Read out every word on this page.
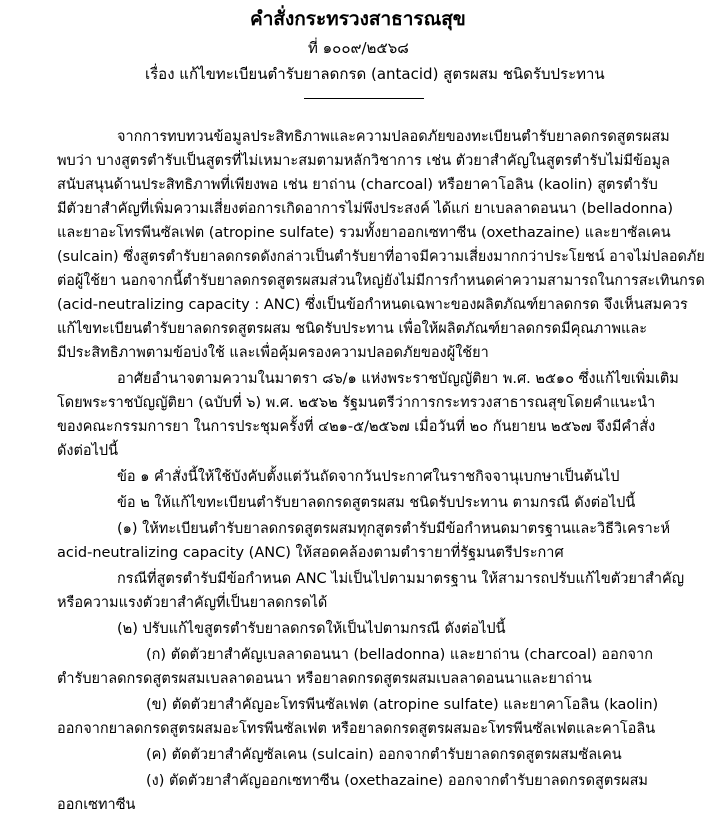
คำสั่งกระทรวงสาธารณสุข
ที่ ๑๐๐๙/๒๕๖๘
เรื่อง แก้ไขทะเบียนตำรับยาลดกรด (antacid) สูตรผสม ชนิดรับประทาน
จากการทบทวนข้อมูลประสิทธิภาพและความปลอดภัยของทะเบียนตำรับยาลดกรดสูตรผสม
พบว่า บางสูตรตำรับเป็นสูตรที่ไม่เหมาะสมตามหลักวิชาการ เช่น ตัวยาสำคัญในสูตรตำรับไม่มีข้อมูล
สนับสนุนด้านประสิทธิภาพที่เพียงพอ เช่น ยาถ่าน (charcoal) หรือยาคาโอลิน (kaolin) สูตรตำรับ
มีตัวยาสำคัญที่เพิ่มความเสี่ยงต่อการเกิดอาการไม่พึงประสงค์ ได้แก่ ยาเบลลาดอนนา (belladonna)
และยาอะโทรพีนซัลเฟต (atropine sulfate) รวมทั้งยาออกเซทาซีน (oxethazaine) และยาซัลเคน
(sulcain) ซึ่งสูตรตำรับยาลดกรดดังกล่าวเป็นตำรับยาที่อาจมีความเสี่ยงมากกว่าประโยชน์ อาจไม่ปลอดภัย
ต่อผู้ใช้ยา นอกจากนี้ตำรับยาลดกรดสูตรผสมส่วนใหญ่ยังไม่มีการกำหนดค่าความสามารถในการสะเทินกรด
(acid-neutralizing capacity : ANC) ซึ่งเป็นข้อกำหนดเฉพาะของผลิตภัณฑ์ยาลดกรด จึงเห็นสมควร
แก้ไขทะเบียนตำรับยาลดกรดสูตรผสม ชนิดรับประทาน เพื่อให้ผลิตภัณฑ์ยาลดกรดมีคุณภาพและ
มีประสิทธิภาพตามข้อบ่งใช้ และเพื่อคุ้มครองความปลอดภัยของผู้ใช้ยา
อาศัยอำนาจตามความในมาตรา ๘๖/๑ แห่งพระราชบัญญัติยา พ.ศ. ๒๕๑๐ ซึ่งแก้ไขเพิ่มเติม
โดยพระราชบัญญัติยา (ฉบับที่ ๖) พ.ศ. ๒๕๖๒ รัฐมนตรีว่าการกระทรวงสาธารณสุขโดยคำแนะนำ
ของคณะกรรมการยา ในการประชุมครั้งที่ ๔๒๑-๕/๒๕๖๗ เมื่อวันที่ ๒๐ กันยายน ๒๕๖๗ จึงมีคำสั่ง
ดังต่อไปนี้
ข้อ ๑ คำสั่งนี้ให้ใช้บังคับตั้งแต่วันถัดจากวันประกาศในราชกิจจานุเบกษาเป็นต้นไป
ข้อ ๒ ให้แก้ไขทะเบียนตำรับยาลดกรดสูตรผสม ชนิดรับประทาน ตามกรณี ดังต่อไปนี้
(๑) ให้ทะเบียนตำรับยาลดกรดสูตรผสมทุกสูตรตำรับมีข้อกำหนดมาตรฐานและวิธีวิเคราะห์
acid-neutralizing capacity (ANC) ให้สอดคล้องตามตำรายาที่รัฐมนตรีประกาศ
กรณีที่สูตรตำรับมีข้อกำหนด ANC ไม่เป็นไปตามมาตรฐาน ให้สามารถปรับแก้ไขตัวยาสำคัญ
หรือความแรงตัวยาสำคัญที่เป็นยาลดกรดได้
(๒) ปรับแก้ไขสูตรตำรับยาลดกรดให้เป็นไปตามกรณี ดังต่อไปนี้
(ก) ตัดตัวยาสำคัญเบลลาดอนนา (belladonna) และยาถ่าน (charcoal) ออกจาก
ตำรับยาลดกรดสูตรผสมเบลลาดอนนา หรือยาลดกรดสูตรผสมเบลลาดอนนาและยาถ่าน
(ข) ตัดตัวยาสำคัญอะโทรพีนซัลเฟต (atropine sulfate) และยาคาโอลิน (kaolin)
ออกจากยาลดกรดสูตรผสมอะโทรพีนซัลเฟต หรือยาลดกรดสูตรผสมอะโทรพีนซัลเฟตและคาโอลิน
(ค) ตัดตัวยาสำคัญซัลเคน (sulcain) ออกจากตำรับยาลดกรดสูตรผสมซัลเคน
(ง) ตัดตัวยาสำคัญออกเซทาซีน (oxethazaine) ออกจากตำรับยาลดกรดสูตรผสม
ออกเซทาซีน
